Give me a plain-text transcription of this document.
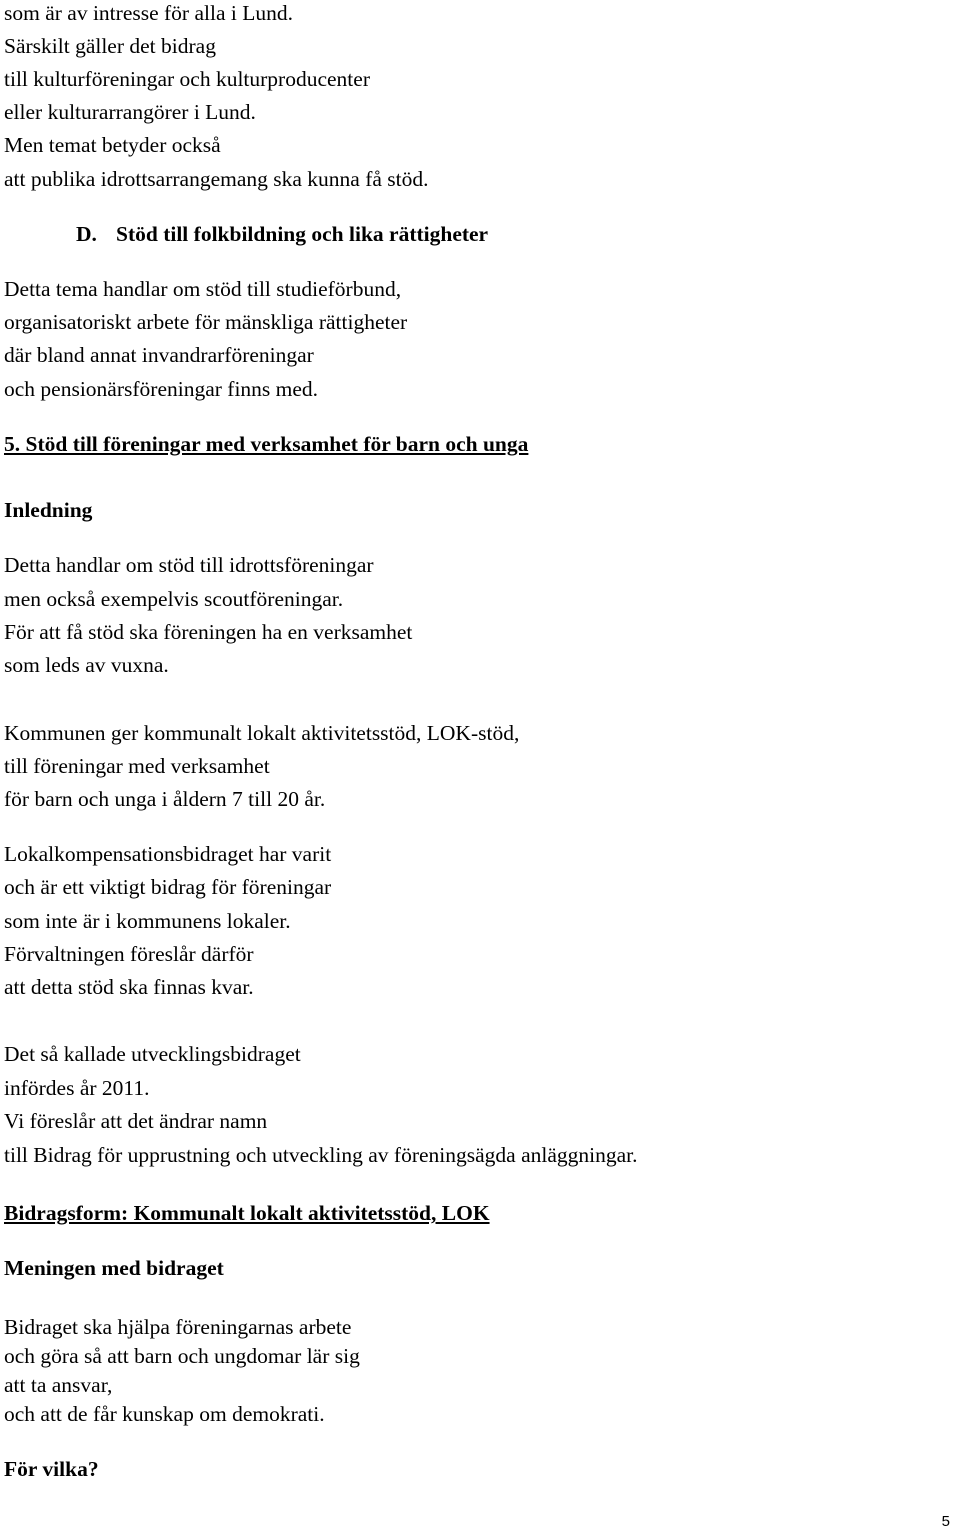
som är av intresse för alla i Lund.
Särskilt gäller det bidrag
till kulturföreningar och kulturproducenter
eller kulturarrangörer i Lund.
Men temat betyder också
att publika idrottsarrangemang ska kunna få stöd.
D. Stöd till folkbildning och lika rättigheter
Detta tema handlar om stöd till studieförbund,
organisatoriskt arbete för mänskliga rättigheter
där bland annat invandrarföreningar
och pensionärsföreningar finns med.
5. Stöd till föreningar med verksamhet för barn och unga
Inledning
Detta handlar om stöd till idrottsföreningar
men också exempelvis scoutföreningar.
För att få stöd ska föreningen ha en verksamhet
som leds av vuxna.
Kommunen ger kommunalt lokalt aktivitetsstöd, LOK-stöd,
till föreningar med verksamhet
för barn och unga i åldern 7 till 20 år.
Lokalkompensationsbidraget har varit
och är ett viktigt bidrag för föreningar
som inte är i kommunens lokaler.
Förvaltningen föreslår därför
att detta stöd ska finnas kvar.
Det så kallade utvecklingsbidraget
infördes år 2011.
Vi föreslår att det ändrar namn
till Bidrag för upprustning och utveckling av föreningsägda anläggningar.
Bidragsform: Kommunalt lokalt aktivitetsstöd, LOK
Meningen med bidraget
Bidraget ska hjälpa föreningarnas arbete
och göra så att barn och ungdomar lär sig
att ta ansvar,
och att de får kunskap om demokrati.
För vilka?
5
